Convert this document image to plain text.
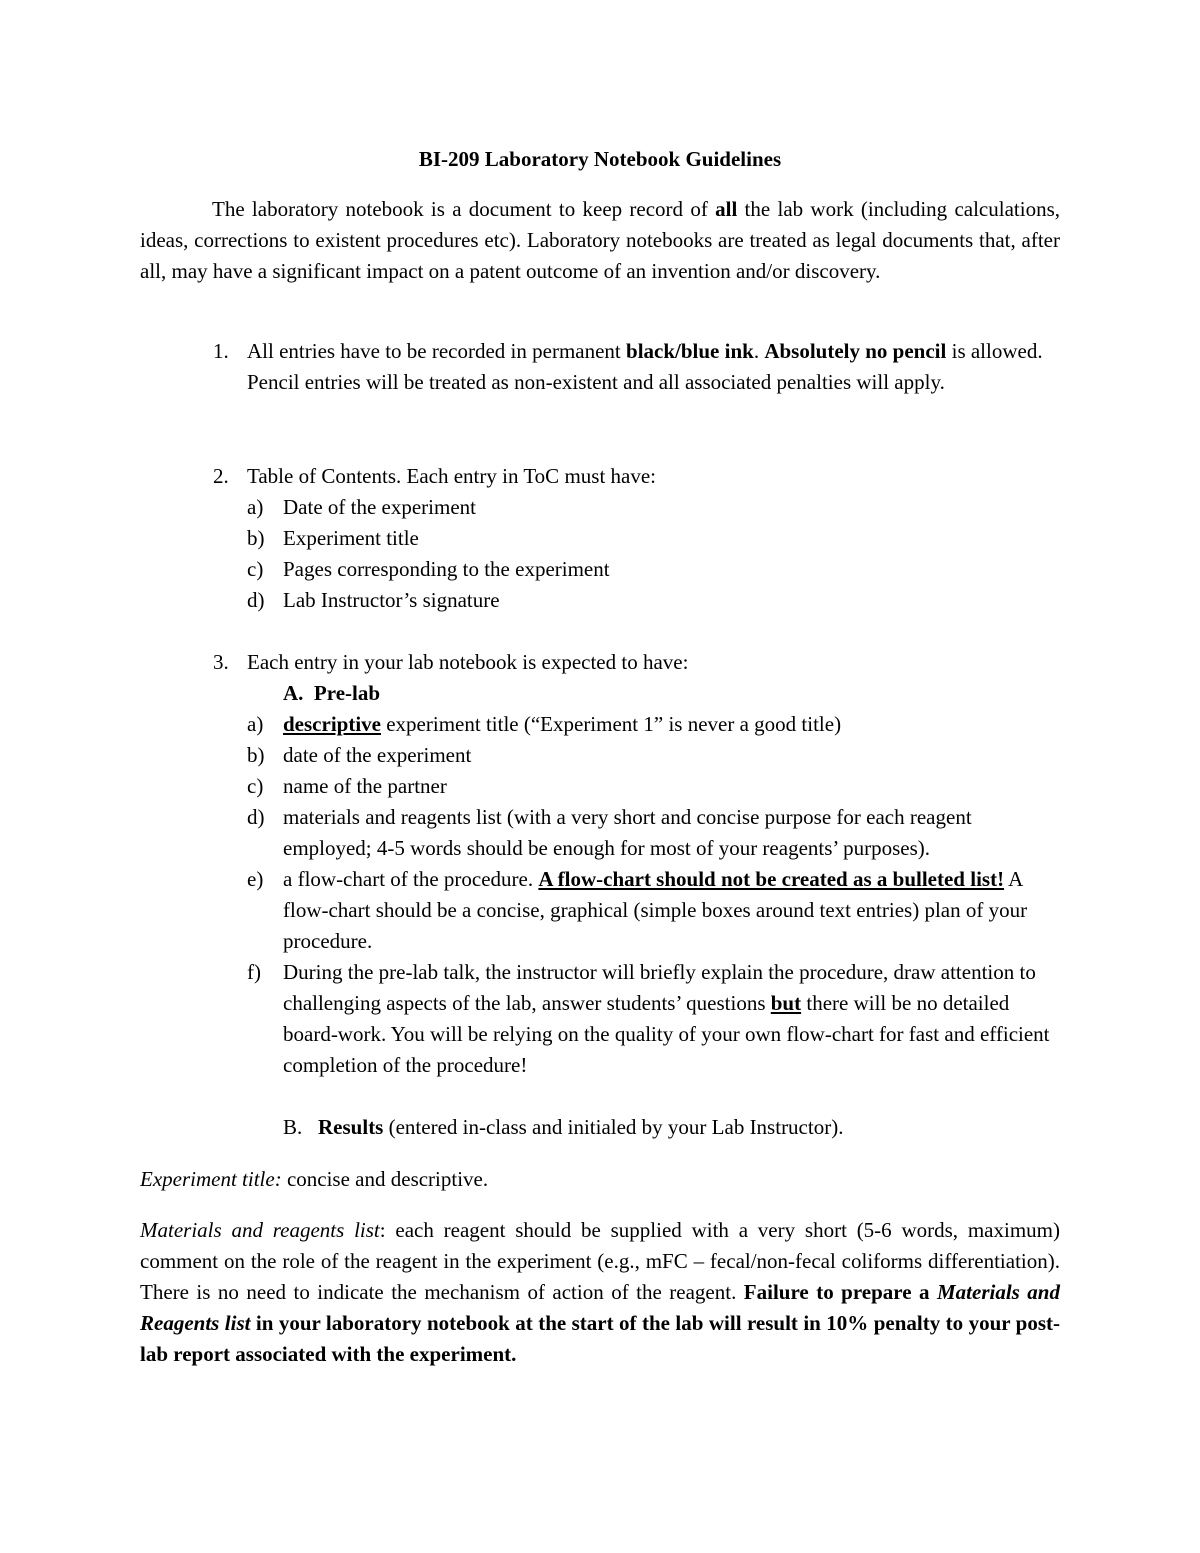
BI-209 Laboratory Notebook Guidelines
The laboratory notebook is a document to keep record of all the lab work (including calculations, ideas, corrections to existent procedures etc). Laboratory notebooks are treated as legal documents that, after all, may have a significant impact on a patent outcome of an invention and/or discovery.
1. All entries have to be recorded in permanent black/blue ink. Absolutely no pencil is allowed. Pencil entries will be treated as non-existent and all associated penalties will apply.
2. Table of Contents. Each entry in ToC must have:
a) Date of the experiment
b) Experiment title
c) Pages corresponding to the experiment
d) Lab Instructor’s signature
3. Each entry in your lab notebook is expected to have:
A. Pre-lab
a) descriptive experiment title (“Experiment 1” is never a good title)
b) date of the experiment
c) name of the partner
d) materials and reagents list (with a very short and concise purpose for each reagent employed; 4-5 words should be enough for most of your reagents’ purposes).
e) a flow-chart of the procedure. A flow-chart should not be created as a bulleted list! A flow-chart should be a concise, graphical (simple boxes around text entries) plan of your procedure.
f)	During the pre-lab talk, the instructor will briefly explain the procedure, draw attention to challenging aspects of the lab, answer students’ questions but there will be no detailed board-work. You will be relying on the quality of your own flow-chart for fast and efficient completion of the procedure!
B. Results (entered in-class and initialed by your Lab Instructor).
Experiment title: concise and descriptive.
Materials and reagents list: each reagent should be supplied with a very short (5-6 words, maximum) comment on the role of the reagent in the experiment (e.g., mFC – fecal/non-fecal coliforms differentiation). There is no need to indicate the mechanism of action of the reagent. Failure to prepare a Materials and Reagents list in your laboratory notebook at the start of the lab will result in 10% penalty to your post-lab report associated with the experiment.
